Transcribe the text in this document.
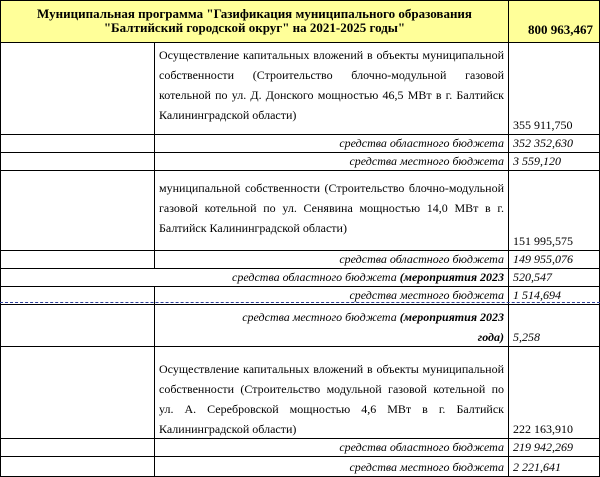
Муниципальная программа "Газификация муниципального образования
"Балтийский городской округ" на 2021-2025 годы"	800 963,467
Осуществление капитальных вложений в объекты муниципальной собственности (Строительство блочно-модульной газовой котельной по ул. Д. Донского мощностью 46,5 МВт в г. Балтийск Калининградской области)
355 911,750
средства областного бюджета 352 352,630
средства местного бюджета 3 559,120
муниципальной собственности (Строительство блочно-модульной газовой котельной по ул. Сенявина мощностью 14,0 МВт в г. Балтийск Калининградской области)
151 995,575
средства областного бюджета 149 955,076
средства областного бюджета (мероприятия 2023 520,547
средства местного бюджета 1 514,694
средства местного бюджета (мероприятия 2023
года) 5,258
Осуществление капитальных вложений в объекты муниципальной собственности (Строительство модульной газовой котельной по ул. А. Серебровской мощностью 4,6 МВт в г. Балтийск Калининградской области)	222 163,910
средства областного бюджета 219 942,269
средства местного бюджета 2 221,641
